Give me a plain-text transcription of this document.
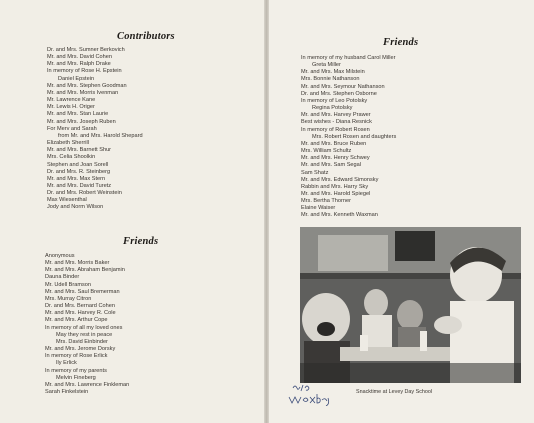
Contributors
Dr. and Mrs. Sumner Berkovich
Mr. and Mrs. David Cohen
Mr. and Mrs. Ralph Drake
In memory of Rose H. Epstein
Daniel Epstein
Mr. and Mrs. Stephen Goodman
Mr. and Mrs. Morris Ivenman
Mr. Lawrence Kane
Mr. Lewis H. Origer
Mr. and Mrs. Stan Laurie
Mr. and Mrs. Joseph Ruben
For Merv and Sarah
from Mr. and Mrs. Harold Shepard
Elizabeth Sherrill
Mr. and Mrs. Barnett Shur
Mrs. Celia Shoolkin
Stephen and Joan Sorell
Dr. and Mrs. R. Steinberg
Mr. and Mrs. Max Stern
Mr. and Mrs. David Turetz
Dr. and Mrs. Robert Weinstein
Max Wiesenthal
Jody and Norm Wilson
Friends
Anonymous
Mr. and Mrs. Morris Baker
Mr. and Mrs. Abraham Benjamin
Dauna Binder
Mr. Udell Bramson
Mr. and Mrs. Saul Bremerman
Mrs. Murray Citron
Dr. and Mrs. Bernard Cohen
Mr. and Mrs. Harvey R. Cole
Mr. and Mrs. Arthur Cope
In memory of all my loved ones
May they rest in peace
Mrs. David Einbinder
Mr. and Mrs. Jerome Dorsky
In memory of Rose Erlick
Ily Erlick
In memory of my parents
Melvin Fineberg
Mr. and Mrs. Lawrence Finkleman
Sarah Finkelstein
Friends
In memory of my husband Carol Miller
Greta Miller
Mr. and Mrs. Max Milstein
Mrs. Bonnie Nathanson
Mr. and Mrs. Seymour Nathanson
Dr. and Mrs. Stephen Osborne
In memory of Leo Potolsky
Regina Potolsky
Mr. and Mrs. Harvey Prawer
Best wishes - Diana Resnick
In memory of Robert Rosen
Mrs. Robert Rosen and daughters
Mr. and Mrs. Bruce Ruben
Mrs. William Schultz
Mr. and Mrs. Henry Schwey
Mr. and Mrs. Sam Segal
Sam Shatz
Mr. and Mrs. Edward Simonsky
Rabbin and Mrs. Harry Sky
Mr. and Mrs. Harold Spiegel
Mrs. Bertha Thorner
Elaine Waiser
Mr. and Mrs. Kenneth Waxman
Snacktime at Levey Day School
